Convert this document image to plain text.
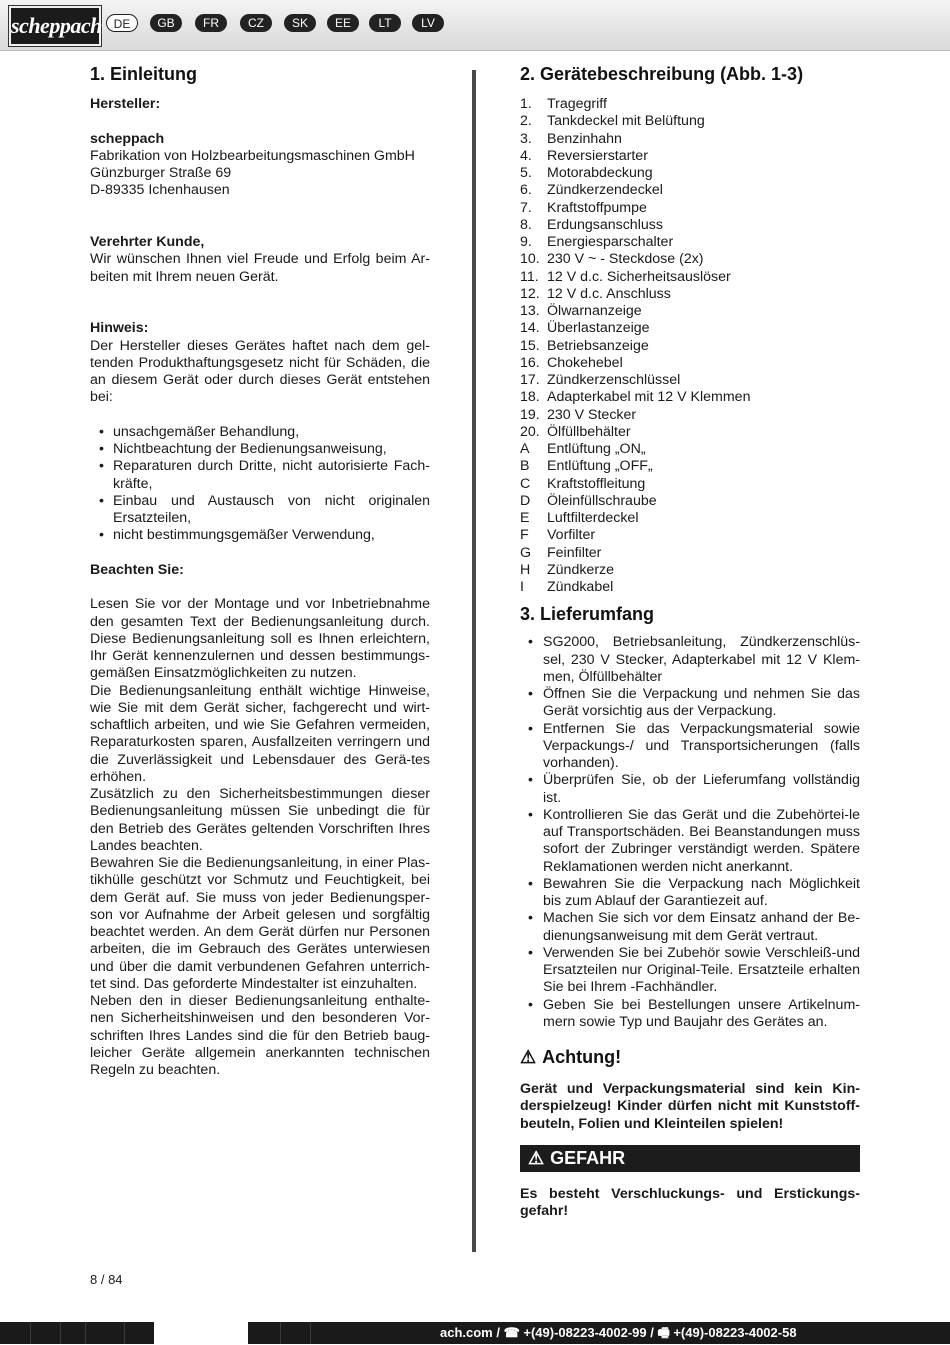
scheppach DE	GB	FR	CZ	SK	EE	LT	LV
1. Einleitung

Hersteller:

scheppach

Fabrikation von Holzbearbeitungsmaschinen GmbH

Günzburger Straße 69

D-89335 Ichenhausen

Verehrter Kunde,

Wir wünschen Ihnen viel Freude und Erfolg beim Ar-beiten mit Ihrem neuen Gerät.

Hinweis:

Der Hersteller dieses Gerätes haftet nach dem gel-tenden Produkthaftungsgesetz nicht für Schäden, die an diesem Gerät oder durch dieses Gerät entstehen bei:

• unsachgemäßer Behandlung,

• Nichtbeachtung der Bedienungsanweisung,

• Reparaturen durch Dritte, nicht autorisierte Fach-kräfte,

• Einbau und Austausch von nicht originalen Ersatzteilen,

• nicht bestimmungsgemäßer Verwendung,

Beachten Sie:

Lesen Sie vor der Montage und vor Inbetriebnahme den gesamten Text der Bedienungsanleitung durch. Diese Bedienungsanleitung soll es Ihnen erleichtern, Ihr Gerät kennenzulernen und dessen bestimmungs-gemäßen Einsatzmöglichkeiten zu nutzen.

Die Bedienungsanleitung enthält wichtige Hinweise, wie Sie mit dem Gerät sicher, fachgerecht und wirt-schaftlich arbeiten, und wie Sie Gefahren vermeiden, Reparaturkosten sparen, Ausfallzeiten verringern und die Zuverlässigkeit und Lebensdauer des Gerä-tes erhöhen.

Zusätzlich zu den Sicherheitsbestimmungen dieser Bedienungsanleitung müssen Sie unbedingt die für den Betrieb des Gerätes geltenden Vorschriften Ihres Landes beachten.

Bewahren Sie die Bedienungsanleitung, in einer Plas-tikhülle geschützt vor Schmutz und Feuchtigkeit, bei dem Gerät auf. Sie muss von jeder Bedienungsper-son vor Aufnahme der Arbeit gelesen und sorgfältig beachtet werden. An dem Gerät dürfen nur Personen arbeiten, die im Gebrauch des Gerätes unterwiesen und über die damit verbundenen Gefahren unterrich-tet sind. Das geforderte Mindestalter ist einzuhalten.

Neben den in dieser Bedienungsanleitung enthalte-nen Sicherheitshinweisen und den besonderen Vor-schriften Ihres Landes sind die für den Betrieb baug-leicher Geräte allgemein anerkannten technischen Regeln zu beachten.

2. Gerätebeschreibung (Abb. 1-3)
1.	Tragegriff
2.	Tankdeckel mit Belüftung
3.	Benzinhahn
4.	Reversierstarter
5.	Motorabdeckung
6.	Zündkerzendeckel
7.	Kraftstoffpumpe
8.	Erdungsanschluss
9.	Energiesparschalter
10. 230 V ~ - Steckdose (2x)
11. 12 V d.c. Sicherheitsauslöser
12. 12 V d.c. Anschluss
13. Ölwarnanzeige
14. Überlastanzeige
15. Betriebsanzeige
16. Chokehebel
17. Zündkerzenschlüssel
18. Adapterkabel mit 12 V Klemmen
19. 230 V Stecker
20. Ölfüllbehälter
A	Entlüftung „ON„
B	Entlüftung „OFF„
C	Kraftstoffleitung
D	Öleinfüllschraube
E	Luftfilterdeckel
F	Vorfilter
G	Feinfilter
H	Zündkerze
I	Zündkabel
3. Lieferumfang

• SG2000, Betriebsanleitung, Zündkerzenschlüs-sel, 230 V Stecker, Adapterkabel mit 12 V Klem-men, Ölfüllbehälter

• Öffnen Sie die Verpackung und nehmen Sie das Gerät vorsichtig aus der Verpackung.

• Entfernen Sie das Verpackungsmaterial sowie Verpackungs-/ und Transportsicherungen (falls vorhanden).

• Überprüfen Sie, ob der Lieferumfang vollständig ist.

• Kontrollieren Sie das Gerät und die Zubehörtei-le auf Transportschäden. Bei Beanstandungen muss sofort der Zubringer verständigt werden. Spätere Reklamationen werden nicht anerkannt.

• Bewahren Sie die Verpackung nach Möglichkeit bis zum Ablauf der Garantiezeit auf.

• Machen Sie sich vor dem Einsatz anhand der Be-dienungsanweisung mit dem Gerät vertraut.

• Verwenden Sie bei Zubehör sowie Verschleiß-und Ersatzteilen nur Original-Teile. Ersatzteile erhalten Sie bei Ihrem -Fachhändler.

• Geben Sie bei Bestellungen unsere Artikelnum-mern sowie Typ und Baujahr des Gerätes an.

⚠ Achtung!

Gerät und Verpackungsmaterial sind kein Kin-derspielzeug! Kinder dürfen nicht mit Kunststoff-beuteln, Folien und Kleinteilen spielen!

⚠ GEFAHR

Es besteht Verschluckungs- und Erstickungs-gefahr!

8 / 84
ach.com / ☎ +(49)-08223-4002-99 / 🖷 +(49)-08223-4002-58
